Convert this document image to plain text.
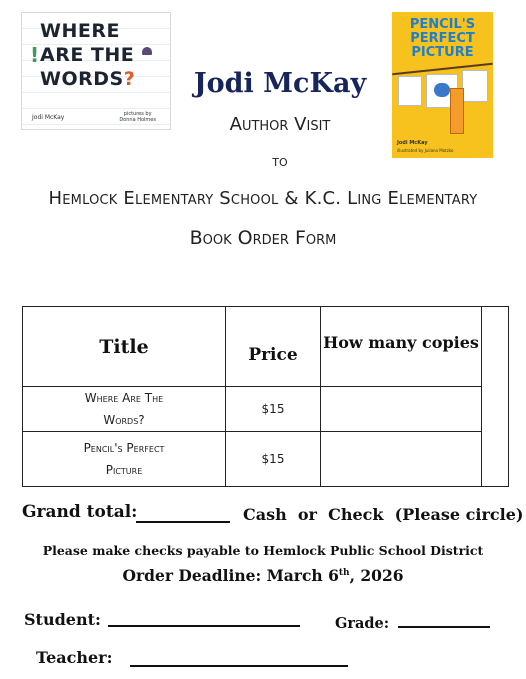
!
WHERE
ARE THE
WORDS?
Jodi McKay	pictures by
Donna Holmes
PENCIL'S
PERFECT
PICTURE
Jodi McKay
illustrated by Juliana Motzko
Jodi McKay
Author Visit
to
Hemlock Elementary School & K.C. Ling Elementary
Book Order Form
Title	Price	How many copies	

Where Are The
Words?	$15		

Pencil's Perfect
Picture	$15		
Grand total:	Cash  or  Check  (Please circle)
Please make checks payable to Hemlock Public School District
Order Deadline: March 6th, 2026
Student:	Grade:
Teacher:
